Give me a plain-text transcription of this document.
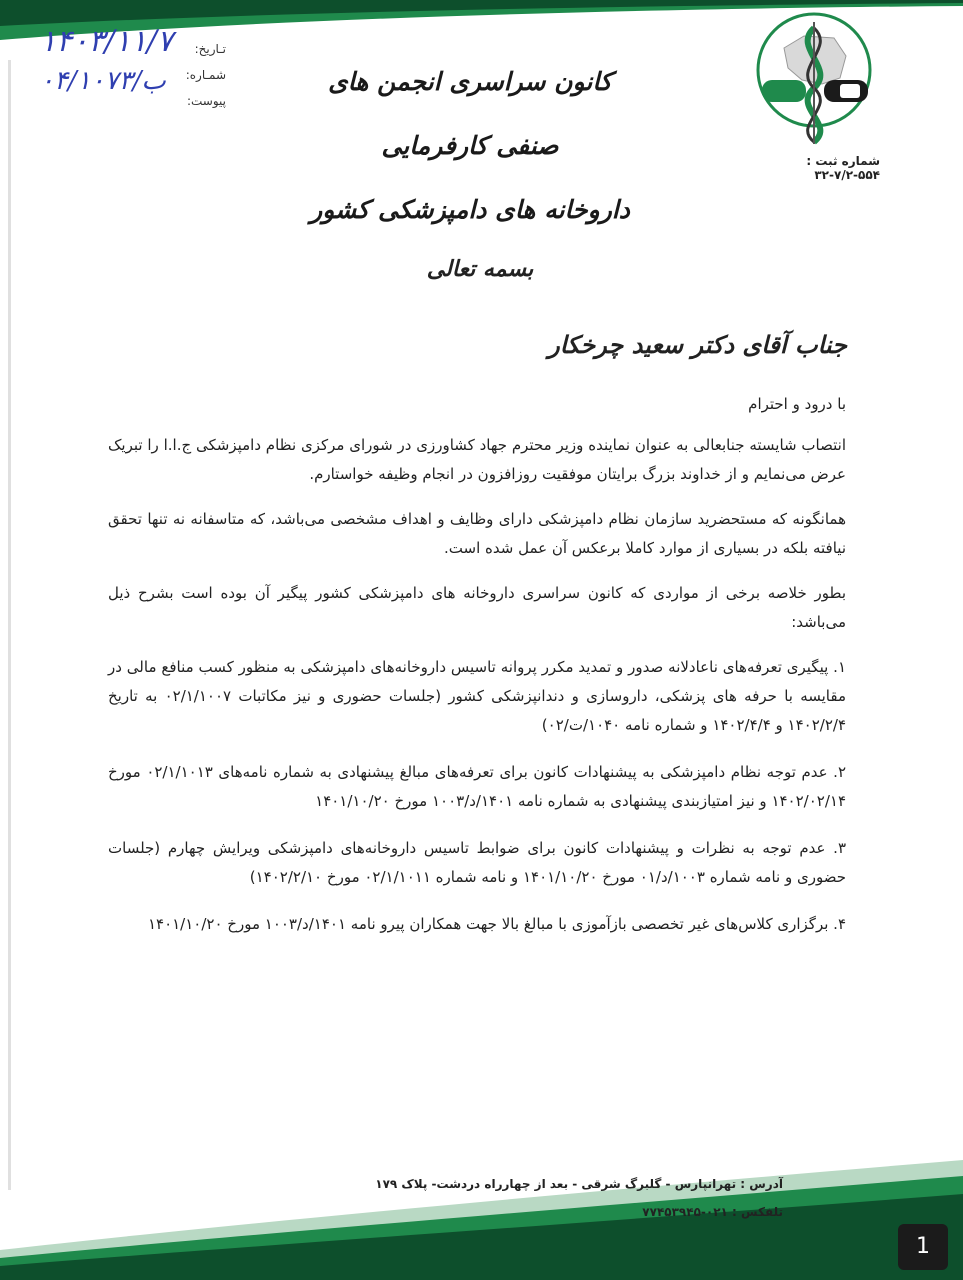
تـاریخ:
شمـاره:
پیوست:
۱۴۰۳/۱۱/۷
۰۴/ب/۱۰۷۳	کانون سراسری انجمن های صنفی کارفرمایی
داروخانه های دامپزشکی کشور
شماره ثبت : ۵۵۴-۷/۲-۳۲
بسمه تعالی
جناب آقای دکتر سعید چرخکار

با درود و احترام

انتصاب شایسته جنابعالی به عنوان نماینده وزیر محترم جهاد کشاورزی در شورای مرکزی نظام دامپزشکی ج.ا.ا را تبریک عرض می‌نمایم و از خداوند بزرگ برایتان موفقیت روزافزون در انجام وظیفه خواستارم.

همانگونه که مستحضرید سازمان نظام دامپزشکی دارای وظایف و اهداف مشخصی می‌باشد، که متاسفانه نه تنها تحقق نیافته بلکه در بسیاری از موارد کاملا برعکس آن عمل شده است.

بطور خلاصه برخی از مواردی که کانون سراسری داروخانه های دامپزشکی کشور پیگیر آن بوده است بشرح ذیل می‌باشد:

۱. پیگیری تعرفه‌های ناعادلانه صدور و تمدید مکرر پروانه تاسیس داروخانه‌های دامپزشکی به منظور کسب منافع مالی در مقایسه با حرفه های پزشکی، داروسازی و دندانپزشکی کشور (جلسات حضوری و نیز مکاتبات ۰۲/۱/۱۰۰۷ به تاریخ ۱۴۰۲/۲/۴ و ۱۴۰۲/۴/۴ و شماره نامه ۱۰۴۰/ت/۰۲)
۲. عدم توجه نظام دامپزشکی به پیشنهادات کانون برای تعرفه‌های مبالغ پیشنهادی به شماره نامه‌های ۰۲/۱/۱۰۱۳ مورخ ۱۴۰۲/۰۲/۱۴ و نیز امتیازبندی پیشنهادی به شماره نامه ۱۴۰۱/د/۱۰۰۳ مورخ ۱۴۰۱/۱۰/۲۰
۳. عدم توجه به نظرات و پیشنهادات کانون برای ضوابط تاسیس داروخانه‌های دامپزشکی ویرایش چهارم (جلسات حضوری و نامه شماره ۱۰۰۳/د/۰۱ مورخ ۱۴۰۱/۱۰/۲۰ و نامه شماره ۰۲/۱/۱۰۱۱ مورخ ۱۴۰۲/۲/۱۰)
۴. برگزاری کلاس‌های غیر تخصصی بازآموزی با مبالغ بالا جهت همکاران پیرو نامه ۱۴۰۱/د/۱۰۰۳ مورخ ۱۴۰۱/۱۰/۲۰
آدرس : تهرانپارس - گلبرگ شرقی - بعد از چهارراه دردشت- پلاک ۱۷۹
تلفکس : ۰۲۱-۷۷۴۵۳۹۴۵
1
